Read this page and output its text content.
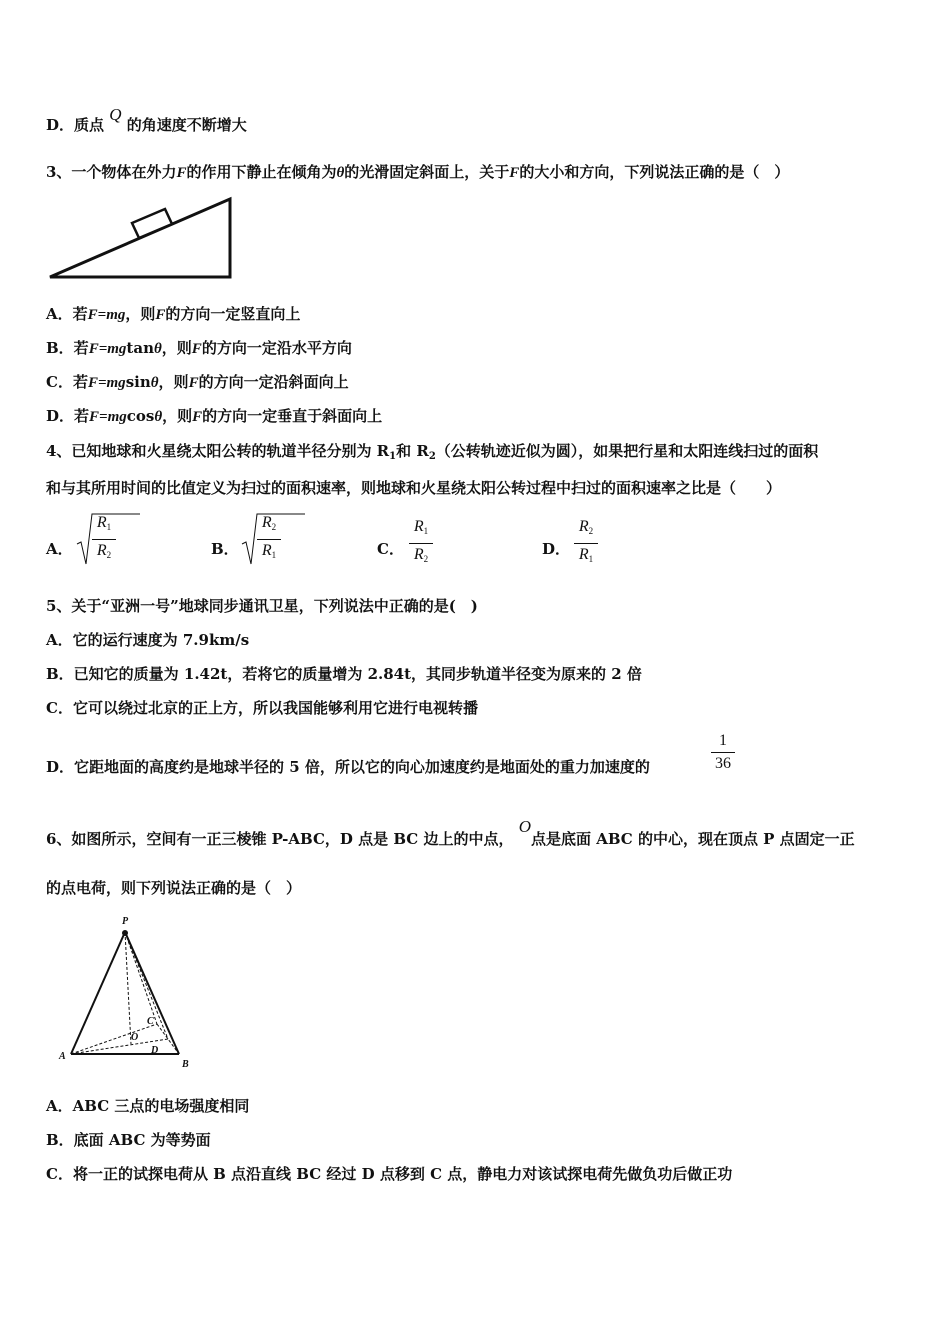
D．质点 Q 的角速度不断增大
3、一个物体在外力F的作用下静止在倾角为θ的光滑固定斜面上，关于F的大小和方向，下列说法正确的是（　）
A．若F=mg，则F的方向一定竖直向上
B．若F=mgtanθ，则F的方向一定沿水平方向
C．若F=mgsinθ，则F的方向一定沿斜面向上
D．若F=mgcosθ，则F的方向一定垂直于斜面向上
4、已知地球和火星绕太阳公转的轨道半径分别为 $R_1$和 $R_2$（公转轨迹近似为圆），如果把行星和太阳连线扫过的面积
和与其所用时间的比值定义为扫过的面积速率，则地球和火星绕太阳公转过程中扫过的面积速率之比是（　　）
A．
R1
R2	B．
R2
R1	C．
R1
R2
D．
R2
R1
5、关于“亚洲一号”地球同步通讯卫星，下列说法中正确的是(　)
A．它的运行速度为 7.9km/s
B．已知它的质量为 1.42t，若将它的质量增为 2.84t，其同步轨道半径变为原来的 2 倍
C．它可以绕过北京的正上方，所以我国能够利用它进行电视转播
D．它距地面的高度约是地球半径的 5 倍，所以它的向心加速度约是地面处的重力加速度的
1
36
6、如图所示，空间有一正三棱锥 P-ABC，D 点是 BC 边上的中点， O点是底面 ABC 的中心，现在顶点 P 点固定一正
的点电荷，则下列说法正确的是（　）
P
A
B
C
O
D
A．ABC 三点的电场强度相同
B．底面 ABC 为等势面
C．将一正的试探电荷从 B 点沿直线 BC 经过 D 点移到 C 点，静电力对该试探电荷先做负功后做正功
